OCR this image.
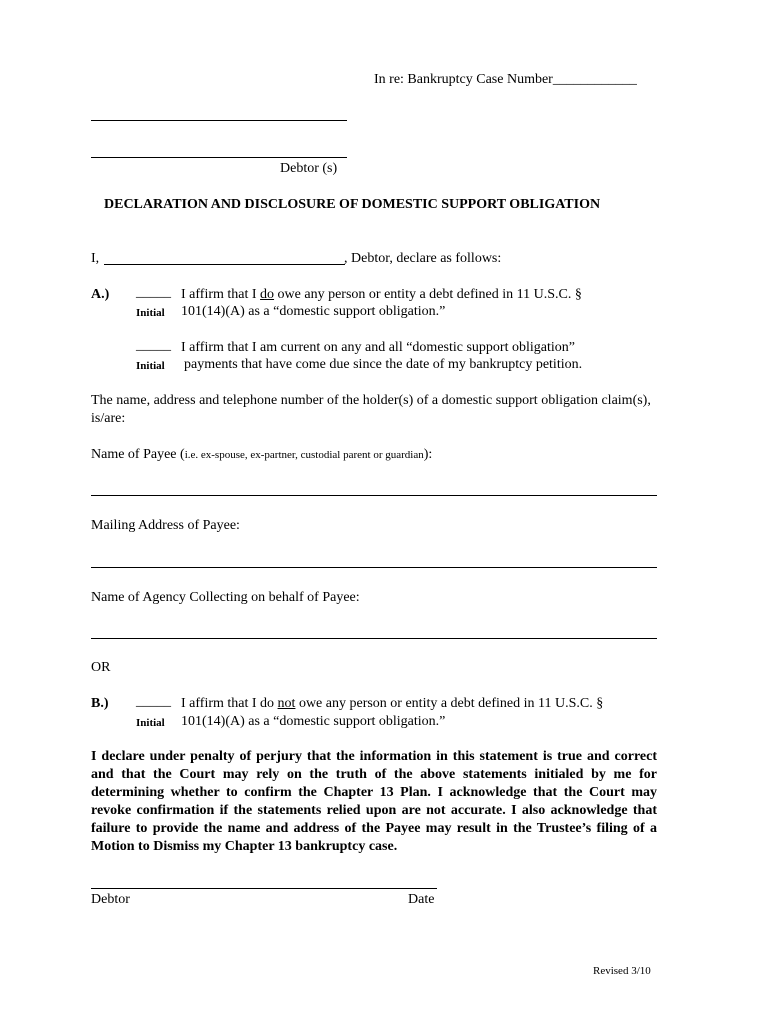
In re: Bankruptcy Case Number____________
Debtor (s)
DECLARATION AND DISCLOSURE OF DOMESTIC SUPPORT OBLIGATION
I,	, Debtor, declare as follows:
A.) _____ I affirm that I do owe any person or entity a debt defined in 11 U.S.C. §
Initial 101(14)(A) as a “domestic support obligation.”
_____ I affirm that I am current on any and all “domestic support obligation”
Initial payments that have come due since the date of my bankruptcy petition.
The name, address and telephone number of the holder(s) of a domestic support obligation claim(s), is/are:
Name of Payee (i.e. ex-spouse, ex-partner, custodial parent or guardian):
Mailing Address of Payee:
Name of Agency Collecting on behalf of Payee:
OR
B.) _____ I affirm that I do not owe any person or entity a debt defined in 11 U.S.C. §
Initial 101(14)(A) as a “domestic support obligation.”
I declare under penalty of perjury that the information in this statement is true and correct and that the Court may rely on the truth of the above statements initialed by me for determining whether to confirm the Chapter 13 Plan. I acknowledge that the Court may revoke confirmation if the statements relied upon are not accurate. I also acknowledge that failure to provide the name and address of the Payee may result in the Trustee’s filing of a Motion to Dismiss my Chapter 13 bankruptcy case.
Debtor	Date
Revised 3/10
